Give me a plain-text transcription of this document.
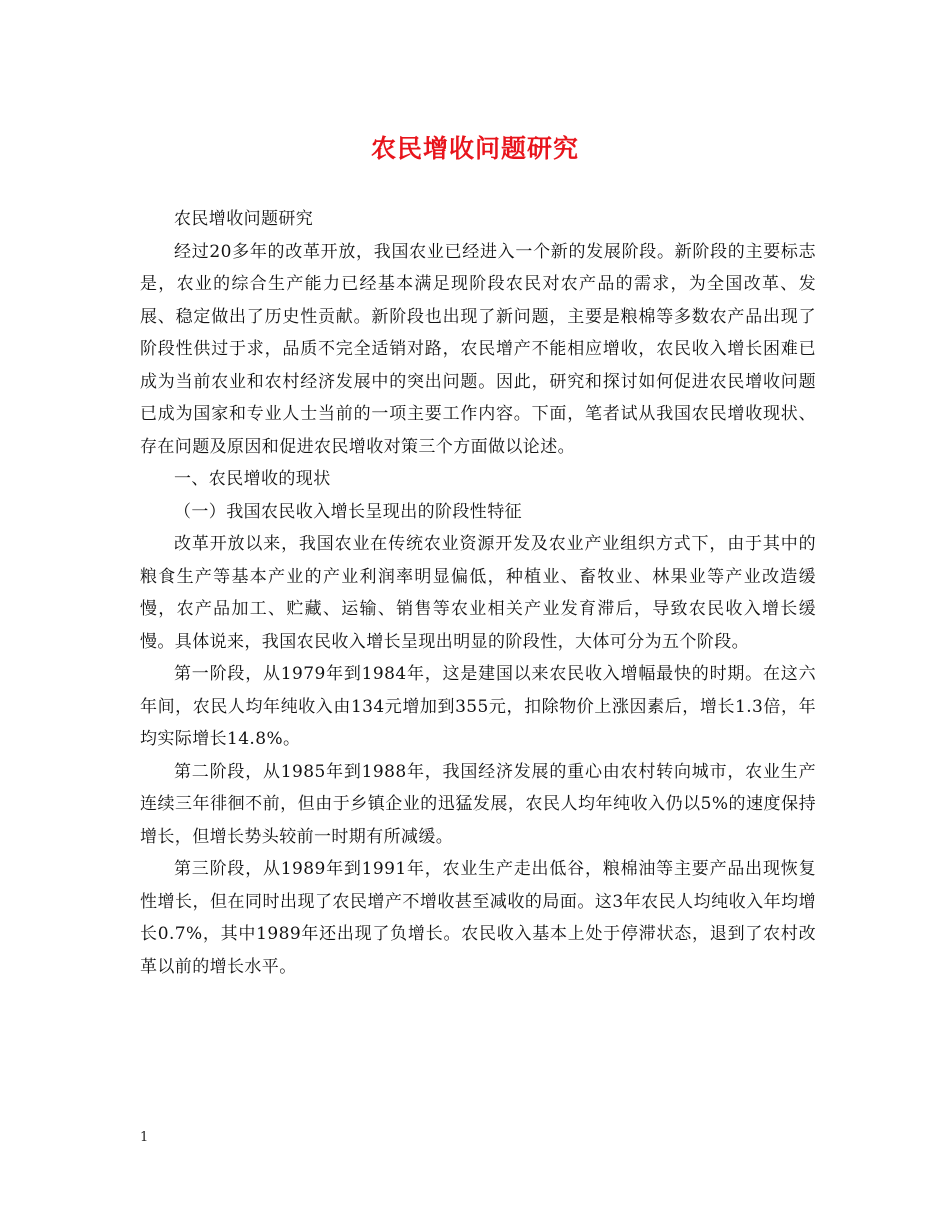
农民增收问题研究

农民增收问题研究

经过20多年的改革开放，我国农业已经进入一个新的发展阶段。新阶段的主要标志是，农业的综合生产能力已经基本满足现阶段农民对农产品的需求，为全国改革、发展、稳定做出了历史性贡献。新阶段也出现了新问题，主要是粮棉等多数农产品出现了阶段性供过于求，品质不完全适销对路，农民增产不能相应增收，农民收入增长困难已成为当前农业和农村经济发展中的突出问题。因此，研究和探讨如何促进农民增收问题已成为国家和专业人士当前的一项主要工作内容。下面，笔者试从我国农民增收现状、存在问题及原因和促进农民增收对策三个方面做以论述。

一、农民增收的现状

（一）我国农民收入增长呈现出的阶段性特征

改革开放以来，我国农业在传统农业资源开发及农业产业组织方式下，由于其中的粮食生产等基本产业的产业利润率明显偏低，种植业、畜牧业、林果业等产业改造缓慢，农产品加工、贮藏、运输、销售等农业相关产业发育滞后，导致农民收入增长缓慢。具体说来，我国农民收入增长呈现出明显的阶段性，大体可分为五个阶段。

第一阶段，从1979年到1984年，这是建国以来农民收入增幅最快的时期。在这六年间，农民人均年纯收入由134元增加到355元，扣除物价上涨因素后，增长1.3倍，年均实际增长14.8%。

第二阶段，从1985年到1988年，我国经济发展的重心由农村转向城市，农业生产连续三年徘徊不前，但由于乡镇企业的迅猛发展，农民人均年纯收入仍以5%的速度保持增长，但增长势头较前一时期有所减缓。

第三阶段，从1989年到1991年，农业生产走出低谷，粮棉油等主要产品出现恢复性增长，但在同时出现了农民增产不增收甚至减收的局面。这3年农民人均纯收入年均增长0.7%，其中1989年还出现了负增长。农民收入基本上处于停滞状态，退到了农村改革以前的增长水平。

1
